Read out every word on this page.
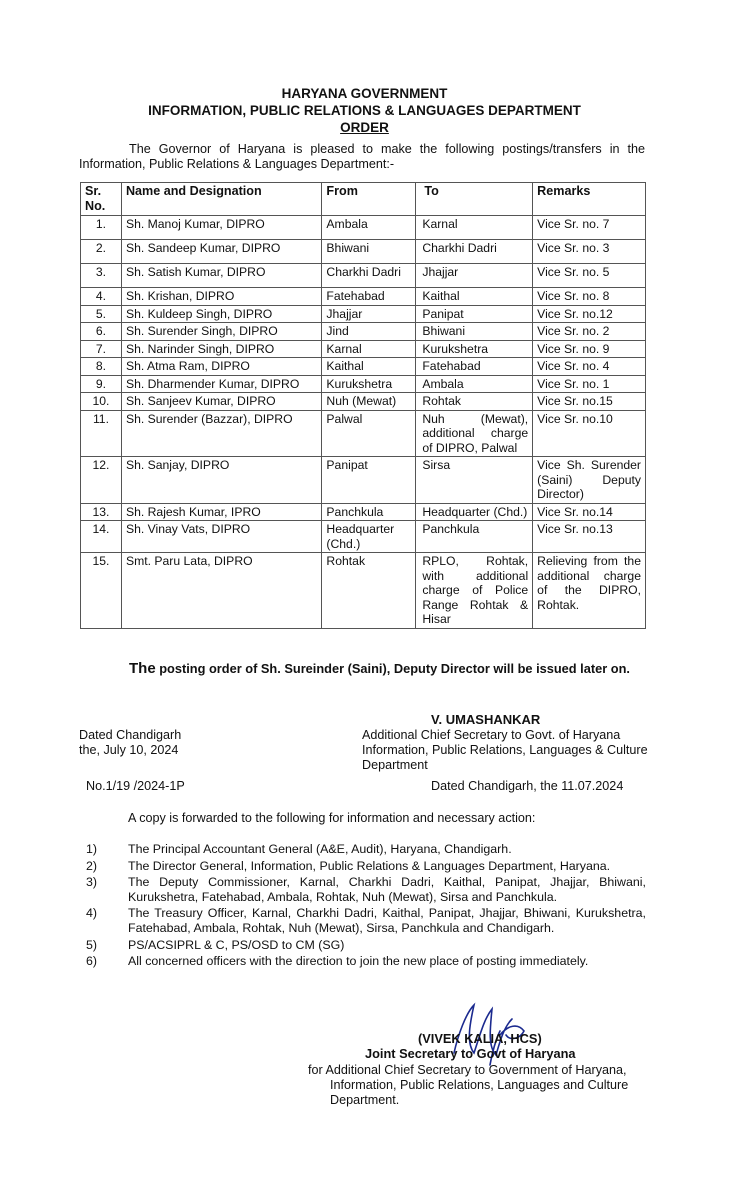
HARYANA GOVERNMENT
INFORMATION, PUBLIC RELATIONS & LANGUAGES DEPARTMENT
ORDER
The Governor of Haryana is pleased to make the following postings/transfers in the Information, Public Relations & Languages Department:-
Sr. No.	Name and Designation	From	To	Remarks
1.	Sh. Manoj Kumar, DIPRO	Ambala	Karnal	Vice Sr. no. 7
2.	Sh. Sandeep Kumar, DIPRO	Bhiwani	Charkhi Dadri	Vice Sr. no. 3
3.	Sh. Satish Kumar, DIPRO	Charkhi Dadri	Jhajjar	Vice Sr. no. 5
4.	Sh. Krishan, DIPRO	Fatehabad	Kaithal	Vice Sr. no. 8
5.	Sh. Kuldeep Singh, DIPRO	Jhajjar	Panipat	Vice Sr. no.12
6.	Sh. Surender Singh, DIPRO	Jind	Bhiwani	Vice Sr. no. 2
7.	Sh. Narinder Singh, DIPRO	Karnal	Kurukshetra	Vice Sr. no. 9
8.	Sh. Atma Ram, DIPRO	Kaithal	Fatehabad	Vice Sr. no. 4
9.	Sh. Dharmender Kumar, DIPRO	Kurukshetra	Ambala	Vice Sr. no. 1
10.	Sh. Sanjeev Kumar, DIPRO	Nuh (Mewat)	Rohtak	Vice Sr. no.15
11.	Sh. Surender (Bazzar), DIPRO	Palwal	Nuh (Mewat), additional charge of DIPRO, Palwal	Vice Sr. no.10
12.	Sh. Sanjay, DIPRO	Panipat	Sirsa	Vice Sh. Surender (Saini) Deputy Director)
13.	Sh. Rajesh Kumar, IPRO	Panchkula	Headquarter (Chd.)	Vice Sr. no.14
14.	Sh. Vinay Vats, DIPRO	Headquarter (Chd.)	Panchkula	Vice Sr. no.13
15.	Smt. Paru Lata, DIPRO	Rohtak	RPLO, Rohtak, with additional charge of Police Range Rohtak & Hisar	Relieving from the additional charge of the DIPRO, Rohtak.
The posting order of Sh. Sureinder (Saini), Deputy Director will be issued later on.
V. UMASHANKAR
Additional Chief Secretary to Govt. of Haryana
Information, Public Relations, Languages & Culture
Department
Dated Chandigarh
the, July 10, 2024
No.1/19 /2024-1P	Dated Chandigarh, the 11.07.2024
A copy is forwarded to the following for information and necessary action:
1)	The Principal Accountant General (A&E, Audit), Haryana, Chandigarh.
2)	The Director General, Information, Public Relations & Languages Department, Haryana.
3)	The Deputy Commissioner, Karnal, Charkhi Dadri, Kaithal, Panipat, Jhajjar, Bhiwani, Kurukshetra, Fatehabad, Ambala, Rohtak, Nuh (Mewat), Sirsa and Panchkula.
4)	The Treasury Officer, Karnal, Charkhi Dadri, Kaithal, Panipat, Jhajjar, Bhiwani, Kurukshetra, Fatehabad, Ambala, Rohtak, Nuh (Mewat), Sirsa, Panchkula and Chandigarh.
5)	PS/ACSIPRL & C, PS/OSD to CM (SG)
6)	All concerned officers with the direction to join the new place of posting immediately.
(VIVEK KALIA, HCS)
Joint Secretary to Govt of Haryana
for Additional Chief Secretary to Government of Haryana,
Information, Public Relations, Languages and Culture
Department.
